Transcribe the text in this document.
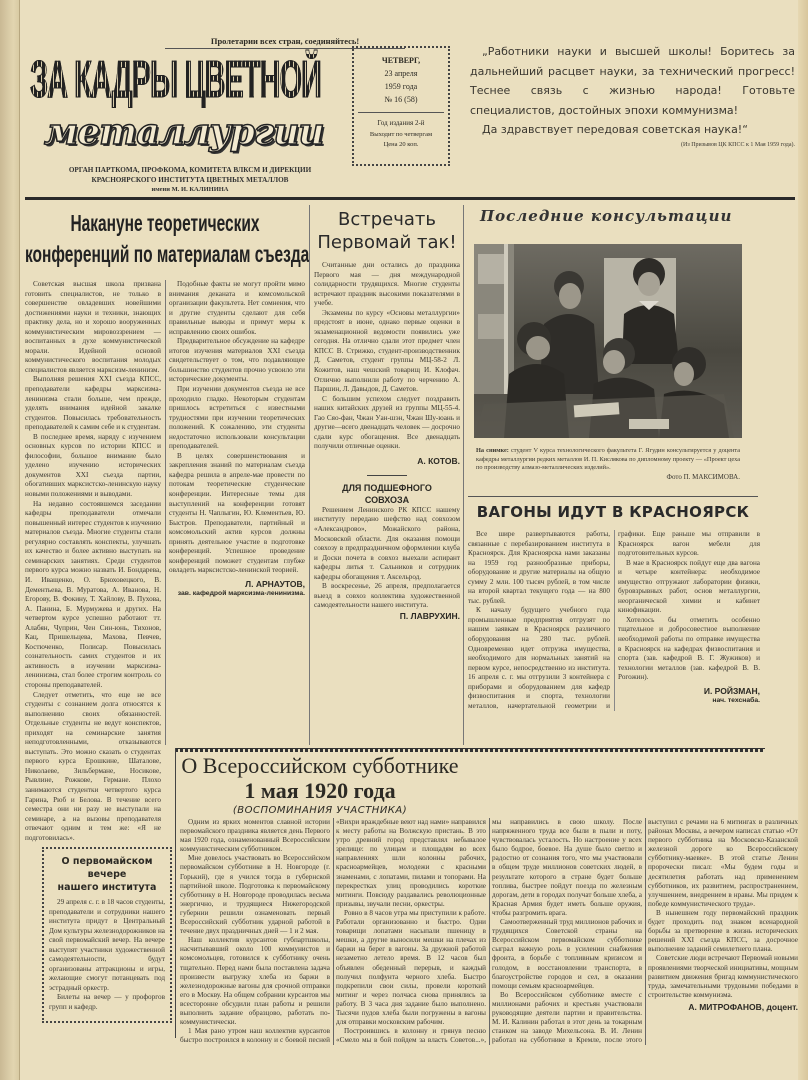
Пролетарии всех стран, соединяйтесь!
ЗА КАДРЫ ЦВЕТНОЙ
металлургии
ОРГАН ПАРТКОМА, ПРОФКОМА, КОМИТЕТА ВЛКСМ И ДИРЕКЦИИ
КРАСНОЯРСКОГО ИНСТИТУТА ЦВЕТНЫХ МЕТАЛЛОВ
имени М. И. КАЛИНИНА
ЧЕТВЕРГ,
23 апреля
1959 года
№ 16 (58)
Год издания 2-й
Выходит по четвергам
Цена 20 коп.
„Работники науки и высшей школы! Боритесь за дальнейший расцвет науки, за технический прогресс! Теснее связь с жизнью народа! Готовьте специалистов, достойных эпохи коммунизма!
Да здравствует передовая советская наука!“
(Из Призывов ЦК КПСС к 1 Мая 1959 года).
Накануне теоретических
конференций по материалам съезда

Советская высшая школа призвана готовить специалистов, не только в совершенстве овладевших новейшими достижениями науки и техники, знающих практику дела, но и хорошо вооруженных коммунистическим мировоззрением — воспитанных в духе коммунистической морали. Идейной основой коммунистического воспитания молодых специалистов является марксизм-ленинизм.

Выполняя решения XXI съезда КПСС, преподаватели кафедры марксизма-ленинизма стали больше, чем прежде, уделять внимания идейной закалке студентов. Повысилась требовательность преподавателей к самим себе и к студентам.

В последнее время, наряду с изучением основных курсов по истории КПСС и философии, большое внимание было уделено изучению исторических документов XXI съезда партии, обогативших марксистско-ленинскую науку новыми положениями и выводами.

На недавно состоявшемся заседании кафедры преподаватели отмечали повышенный интерес студентов к изучению материалов съезда. Многие студенты стали регулярно составлять конспекты, улучшать их качество и более активно выступать на семинарских занятиях. Среди студентов первого курса можно назвать И. Бондарева, И. Иващенко, О. Брюховецкого, В. Дементьева, В. Муратова, А. Иванова, Н. Егорову, В. Фокину, Т. Хайлову, В. Пухова, А. Панина, Б. Мурмужева и других. На четвертом курсе успешно работают тт. Алабян, Чуприн, Чен Син-юнь, Тихонов, Кац, Пришельцева, Махова, Певчев, Костюченко, Полисар. Повысилась сознательность самих студентов и их активность в изучении марксизма-ленинизма, стал более строгим контроль со стороны преподавателей.

Следует отметить, что еще не все студенты с сознанием долга относятся к выполнению своих обязанностей. Отдельные студенты не ведут конспектов, приходят на семинарские занятия неподготовленными, отказываются выступать. Это можно сказать о студентах первого курса Ерошкине, Шаталове, Николаеве, Зильбермане, Носикове, Рывлине, Рожкове, Германе. Плохо занимаются студентки четвертого курса Гарина, Рюб и Белова. В течение всего семестра они ни разу не выступали на семинаре, а на вызовы преподавателя отвечают одним и тем же: «Я не подготовилась».

Подобные факты не могут пройти мимо внимания деканата и комсомольской организации факультета. Нет сомнения, что и другие студенты сделают для себя правильные выводы и примут меры к исправлению своих ошибок.

Предварительное обсуждение на кафедре итогов изучения материалов XXI съезда свидетельствует о том, что подавляющее большинство студентов прочно усвоило эти исторические документы.

При изучении документов съезда не все проходило гладко. Некоторым студентам пришлось встретиться с известными трудностями при изучении теоретических положений. К сожалению, эти студенты недостаточно использовали консультации преподавателей.

В целях совершенствования и закрепления знаний по материалам съезда кафедра решила в апреле-мае провести по потокам теоретические студенческие конференции. Интересные темы для выступлений на конференции готовят студенты Н. Чаплыгин, Ю. Клементьев, Ю. Быстров. Преподаватели, партийный и комсомольский актив курсов должны принять деятельное участие в подготовке конференций. Успешное проведение конференций поможет студентам глубже овладеть марксистско-ленинской теорией.

Л. АРНАУТОВ,
зав. кафедрой марксизма-ленинизма.
Встречать
Первомай так!

Считанные дни остались до праздника Первого мая — дня международной солидарности трудящихся. Многие студенты встречают праздник высокими показателями в учебе.

Экзамены по курсу «Основы металлургии» предстоят в июне, однако первые оценки в экзаменационной ведомости появились уже сегодня. На отлично сдали этот предмет член КПСС В. Стрижко, студент-производственник Д. Саметов, студент группы МЦ-58-2 Л. Кожитов, наш чешский товарищ И. Клофач. Отлично выполнили работу по черчению А. Паршин, Л. Давыдов, Д. Саметов.

С большим успехом следует поздравить наших китайских друзей из группы МЦ-55-4. Гао Сяо-фан, Чжан Уан-шэн, Чжан Шу-юань и другие—всего двенадцать человек — досрочно сдали курс обогащения. Все двенадцать получили отличные оценки.

А. КОТОВ.
ДЛЯ ПОДШЕФНОГО СОВХОЗА

Решением Ленинского РК КПСС нашему институту передано шефство над совхозом «Александрово», Можайского района, Московской области. Для оказания помощи совхозу в предпраздничном оформлении клуба и Доски почета в совхоз выехали аспирант кафедры литья т. Сальников и сотрудник кафедры обогащения т. Аксельрод.

В воскресенье, 26 апреля, предполагается выезд в совхоз коллектива художественной самодеятельности нашего института.

П. ЛАВРУХИН.
Последние консультации
На снимке: студент V курса технологического факультета Г. Ягудин консультируется у доцента кафедры металлургии редких металлов И. П. Кислякова по дипломному проекту — «Проект цеха по производству алмазо-металлических изделий».
Фото П. МАКСИМОВА.
ВАГОНЫ ИДУТ В КРАСНОЯРСК

Все шире развертываются работы, связанные с перебазированием института в Красноярск. Для Красноярска нами заказаны на 1959 год разнообразные приборы, оборудование и другие материалы на общую сумму 2 млн. 100 тысяч рублей, в том числе на второй квартал текущего года — на 800 тыс. рублей.

К началу будущего учебного года промышленные предприятия отгрузят по нашим заявкам в Красноярск различного оборудования на 280 тыс. рублей. Одновременно идет отгрузка имущества, необходимого для нормальных занятий на первом курсе, непосредственно из института. 16 апреля с. г. мы отгрузили 3 контейнера с приборами и оборудованием для кафедр физвоспитания и спорта, технологии металлов, начертательной геометрии и графики. Еще раньше мы отправили в Красноярск вагон мебели для подготовительных курсов.

В мае в Красноярск пойдут еще два вагона и четыре контейнера: необходимое имущество отгружают лаборатории физики, буровзрывных работ, основ металлургии, неорганической химии и кабинет кинофикации.

Хотелось бы отметить особенно тщательное и добросовестное выполнение необходимой работы по отправке имущества в Красноярск на кафедрах физвоспитания и спорта (зав. кафедрой В. Г. Жужиков) и технологии металлов (зав. кафедрой В. В. Рогожин).

И. РОЙЗМАН,
нач. техснаба.
О первомайском
вечере
нашего института

29 апреля с. г. в 18 часов студенты, преподаватели и сотрудники нашего института придут в Центральный Дом культуры железнодорожников на свой первомайский вечер. На вечере выступят участники художественной самодеятельности, будут организованы аттракционы и игры, желающие смогут потанцевать под эстрадный оркестр.

Билеты на вечер — у профоргов групп и кафедр.

О Всероссийском субботнике
1 мая 1920 года
(ВОСПОМИНАНИЯ УЧАСТНИКА)

Одним из ярких моментов славной истории первомайского праздника является день Первого мая 1920 года, ознаменованный Всероссийским коммунистическим субботником.

Мне довелось участвовать во Всероссийском первомайском субботнике в Н. Новгороде (г. Горький), где я учился тогда в губернской партийной школе. Подготовка к первомайскому субботнику в Н. Новгороде проводилась весьма энергично, и трудящиеся Нижегородской губернии решили ознаменовать первый Всероссийский субботник ударной работой в течение двух праздничных дней — 1 и 2 мая.

Наш коллектив курсантов губпартшколы, насчитывавший около 100 коммунистов и комсомольцев, готовился к субботнику очень тщательно. Перед нами была поставлена задача произвести выгрузку хлеба из баржи в железнодорожные вагоны для срочной отправки его в Москву. На общем собрании курсантов мы всесторонне обсудили план работы и решили выполнить задание образцово, работать по-коммунистически.

1 Мая рано утром наш коллектив курсантов быстро построился в колонну и с боевой песней «Вихри враждебные веют над нами» направился к месту работы на Волжскую пристань. В это утро древний город представлял небывалое зрелище: по улицам и площадям во всех направлениях шли колонны рабочих, красноармейцев, молодежи с красными знаменами, с лопатами, пилами и топорами. На перекрестках улиц проводились короткие митинги. Повсюду раздавались революционные призывы, звучали песни, оркестры.

Ровно в 8 часов утра мы приступили к работе. Работали организованно и быстро. Одни товарищи лопатами насыпали пшеницу в мешки, а другие выносили мешки на плечах из баржи на берег в вагоны. За дружной работой незаметно летело время. В 12 часов был объявлен обеденный перерыв, и каждый получил полфунта черного хлеба. Быстро подкрепили свои силы, провели короткий митинг и через полчаса снова принялись за работу. В 3 часа дня задание было выполнено. Тысячи пудов хлеба были погружены в вагоны для отправки московским рабочим.

Построившись в колонну и грянув песню «Смело мы в бой пойдем за власть Советов...», мы направились в свою школу. После напряженного труда все были в пыли и поту, чувствовалась усталость. Но настроение у всех было бодрое, боевое. На душе было светло и радостно от сознания того, что мы участвовали в общем труде миллионов советских людей, в результате которого в стране будет больше топлива, быстрее пойдут поезда по железным дорогам, дети в городах получат больше хлеба, а Красная Армия будет иметь больше оружия, чтобы разгромить врага.

Самоотверженный труд миллионов рабочих и трудящихся Советской страны на Всероссийском первомайском субботнике сыграл важную роль в усилении снабжения фронта, в борьбе с топливным кризисом и голодом, в восстановлении транспорта, в благоустройстве городов и сел, в оказании помощи семьям красноармейцев.

Во Всероссийском субботнике вместе с миллионами рабочих и крестьян участвовали руководящие деятели партии и правительства. М. И. Калинин работал в этот день за токарным станком на заводе Михельсона. В. И. Ленин работал на субботнике в Кремле, после этого выступил с речами на 6 митингах в различных районах Москвы, а вечером написал статью «От первого субботника на Московско-Казанской железной дороге ко Всероссийскому субботнику-маевке». В этой статье Ленин пророчески писал: «Мы будем годы и десятилетия работать над применением субботников, их развитием, распространением, улучшением, внедрением в нравы. Мы придем к победе коммунистического труда».

В нынешнем году первомайский праздник будет проходить под знаком всенародной борьбы за претворение в жизнь исторических решений XXI съезда КПСС, за досрочное выполнение заданий семилетнего плана.

Советские люди встречают Первомай новыми проявлениями творческой инициативы, мощным развитием движения бригад коммунистического труда, замечательными трудовыми победами в строительстве коммунизма.

А. МИТРОФАНОВ, доцент.
